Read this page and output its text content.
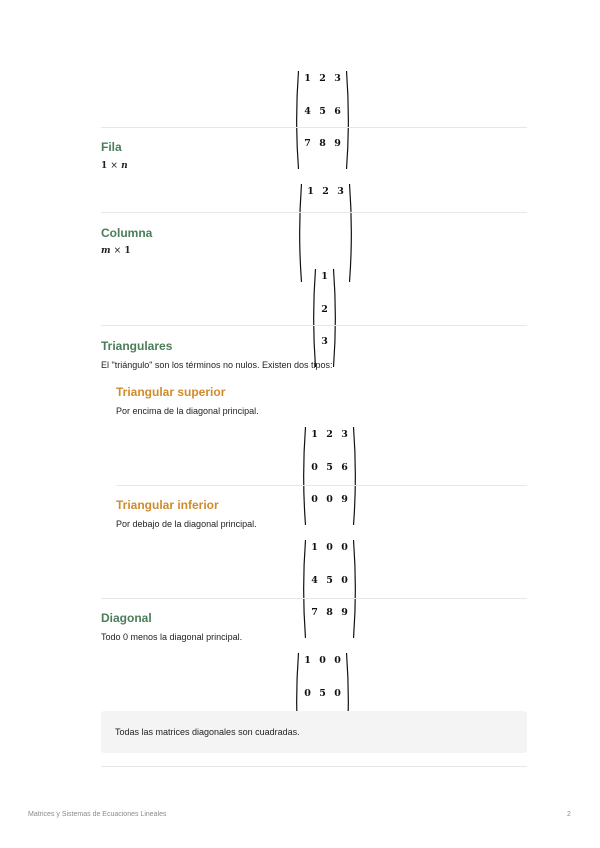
1 2 3
4 5 6
7 8 9
Fila
1 × n
1 2 3
Columna
m × 1
1
2
3
Triangulares
El "triángulo" son los términos no nulos. Existen dos tipos:
Triangular superior
Por encima de la diagonal principal.
1 2 3
0 5 6
0 0 9
Triangular inferior
Por debajo de la diagonal principal.
1 0 0
4 5 0
7 8 9
Diagonal
Todo 0 menos la diagonal principal.
1 0 0
0 5 0
Todas las matrices diagonales son cuadradas.
Matrices y Sistemas de Ecuaciones Lineales	2
